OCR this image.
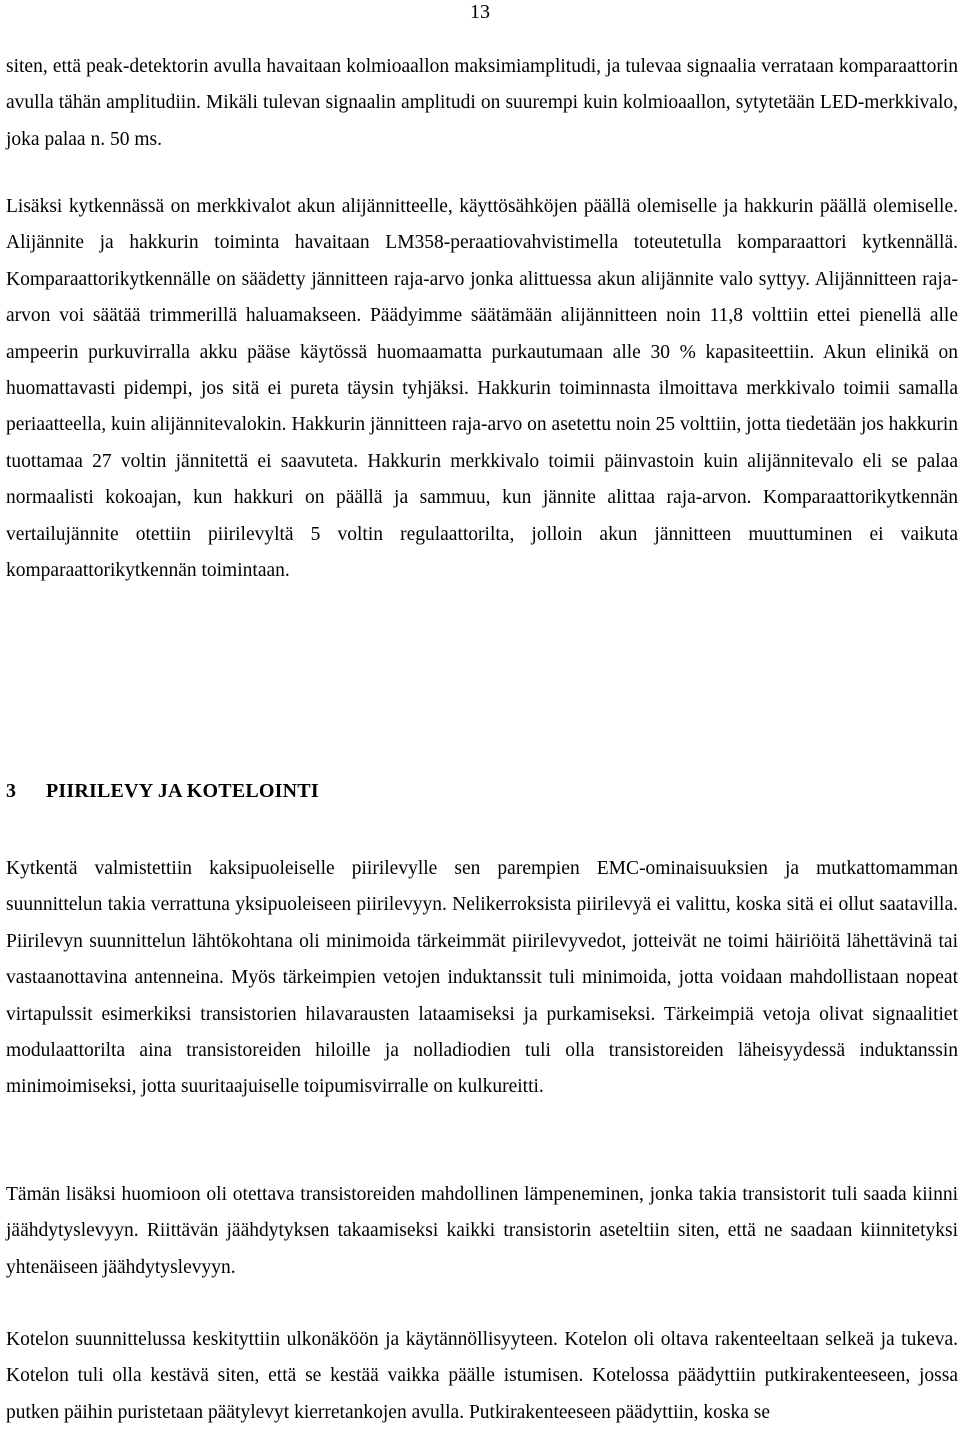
13

siten, että peak-detektorin avulla havaitaan kolmioaallon maksimiamplitudi, ja tulevaa signaalia verrataan komparaattorin avulla tähän amplitudiin. Mikäli tulevan signaalin amplitudi on suurempi kuin kolmioaallon, sytytetään LED-merkkivalo, joka palaa n. 50 ms.

Lisäksi kytkennässä on merkkivalot akun alijännitteelle, käyttösähköjen päällä olemiselle ja hakkurin päällä olemiselle. Alijännite ja hakkurin toiminta havaitaan LM358-peraatiovahvistimella toteutetulla komparaattori kytkennällä. Komparaattorikytkennälle on säädetty jännitteen raja-arvo jonka alittuessa akun alijännite valo syttyy. Alijännitteen raja-arvon voi säätää trimmerillä haluamakseen. Päädyimme säätämään alijännitteen noin 11,8 volttiin ettei pienellä alle ampeerin purkuvirralla akku pääse käytössä huomaamatta purkautumaan alle 30 % kapasiteettiin. Akun elinikä on huomattavasti pidempi, jos sitä ei pureta täysin tyhjäksi. Hakkurin toiminnasta ilmoittava merkkivalo toimii samalla periaatteella, kuin alijännitevalokin. Hakkurin jännitteen raja-arvo on asetettu noin 25 volttiin, jotta tiedetään jos hakkurin tuottamaa 27 voltin jännitettä ei saavuteta. Hakkurin merkkivalo toimii päinvastoin kuin alijännitevalo eli se palaa normaalisti kokoajan, kun hakkuri on päällä ja sammuu, kun jännite alittaa raja-arvon. Komparaattorikytkennän vertailujännite otettiin piirilevyltä 5 voltin regulaattorilta, jolloin akun jännitteen muuttuminen ei vaikuta komparaattorikytkennän toimintaan.

3 PIIRILEVY JA KOTELOINTI

Kytkentä valmistettiin kaksipuoleiselle piirilevylle sen parempien EMC-ominaisuuksien ja mutkattomamman suunnittelun takia verrattuna yksipuoleiseen piirilevyyn. Nelikerroksista piirilevyä ei valittu, koska sitä ei ollut saatavilla. Piirilevyn suunnittelun lähtökohtana oli minimoida tärkeimmät piirilevyvedot, jotteivät ne toimi häiriöitä lähettävinä tai vastaanottavina antenneina. Myös tärkeimpien vetojen induktanssit tuli minimoida, jotta voidaan mahdollistaan nopeat virtapulssit esimerkiksi transistorien hilavarausten lataamiseksi ja purkamiseksi. Tärkeimpiä vetoja olivat signaalitiet modulaattorilta aina transistoreiden hiloille ja nolladiodien tuli olla transistoreiden läheisyydessä induktanssin minimoimiseksi, jotta suuritaajuiselle toipumisvirralle on kulkureitti.

Tämän lisäksi huomioon oli otettava transistoreiden mahdollinen lämpeneminen, jonka takia transistorit tuli saada kiinni jäähdytyslevyyn. Riittävän jäähdytyksen takaamiseksi kaikki transistorin aseteltiin siten, että ne saadaan kiinnitetyksi yhtenäiseen jäähdytyslevyyn.

Kotelon suunnittelussa keskityttiin ulkonäköön ja käytännöllisyyteen. Kotelon oli oltava rakenteeltaan selkeä ja tukeva. Kotelon tuli olla kestävä siten, että se kestää vaikka päälle istumisen. Kotelossa päädyttiin putkirakenteeseen, jossa putken päihin puristetaan päätylevyt kierretankojen avulla. Putkirakenteeseen päädyttiin, koska se
